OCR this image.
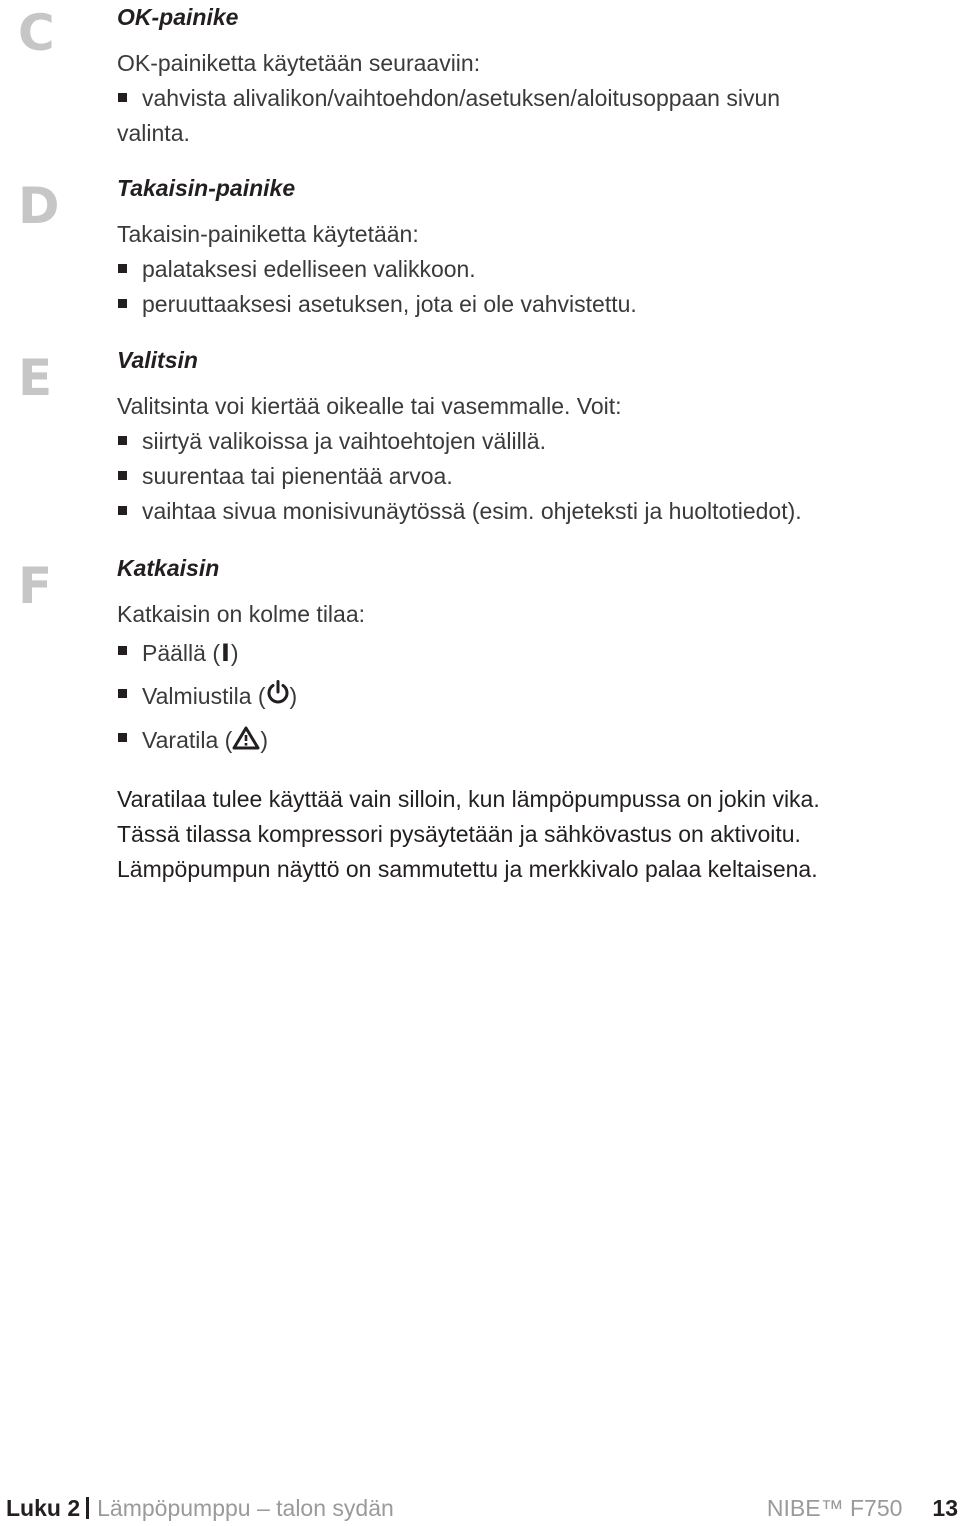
C	OK-painike
OK-painiketta käytetään seuraaviin:
vahvista alivalikon/vaihtoehdon/asetuksen/aloitusoppaan sivun
valinta.
D Takaisin-painike
Takaisin-painiketta käytetään:
palataksesi edelliseen valikkoon.
peruuttaaksesi asetuksen, jota ei ole vahvistettu.
E	Valitsin
Valitsinta voi kiertää oikealle tai vasemmalle. Voit:
siirtyä valikoissa ja vaihtoehtojen välillä.
suurentaa tai pienentää arvoa.
vaihtaa sivua monisivunäytössä (esim. ohjeteksti ja huoltotiedot).
F	Katkaisin
Katkaisin on kolme tilaa:
Päällä (I)
Valmiustila ( )
Varatila ( )
Varatilaa tulee käyttää vain silloin, kun lämpöpumpussa on jokin vika.
Tässä tilassa kompressori pysäytetään ja sähkövastus on aktivoitu.
Lämpöpumpun näyttö on sammutettu ja merkkivalo palaa keltaisena.
Luku 2 Lämpöpumppu – talon sydän	NIBE™ F750 13
